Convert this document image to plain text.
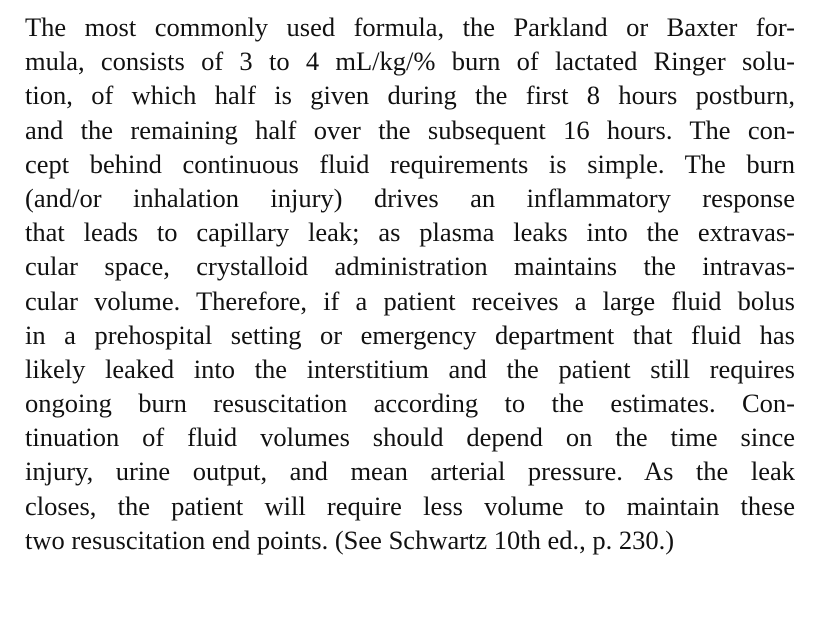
The most commonly used formula, the Parkland or Baxter for-
mula, consists of 3 to 4 mL/kg/% burn of lactated Ringer solu-
tion, of which half is given during the first 8 hours postburn,
and the remaining half over the subsequent 16 hours. The con-
cept behind continuous fluid requirements is simple. The burn
(and/or inhalation injury) drives an inflammatory response
that leads to capillary leak; as plasma leaks into the extravas-
cular space, crystalloid administration maintains the intravas-
cular volume. Therefore, if a patient receives a large fluid bolus
in a prehospital setting or emergency department that fluid has
likely leaked into the interstitium and the patient still requires
ongoing burn resuscitation according to the estimates. Con-
tinuation of fluid volumes should depend on the time since
injury, urine output, and mean arterial pressure. As the leak
closes, the patient will require less volume to maintain these
two resuscitation end points. (See Schwartz 10th ed., p. 230.)
